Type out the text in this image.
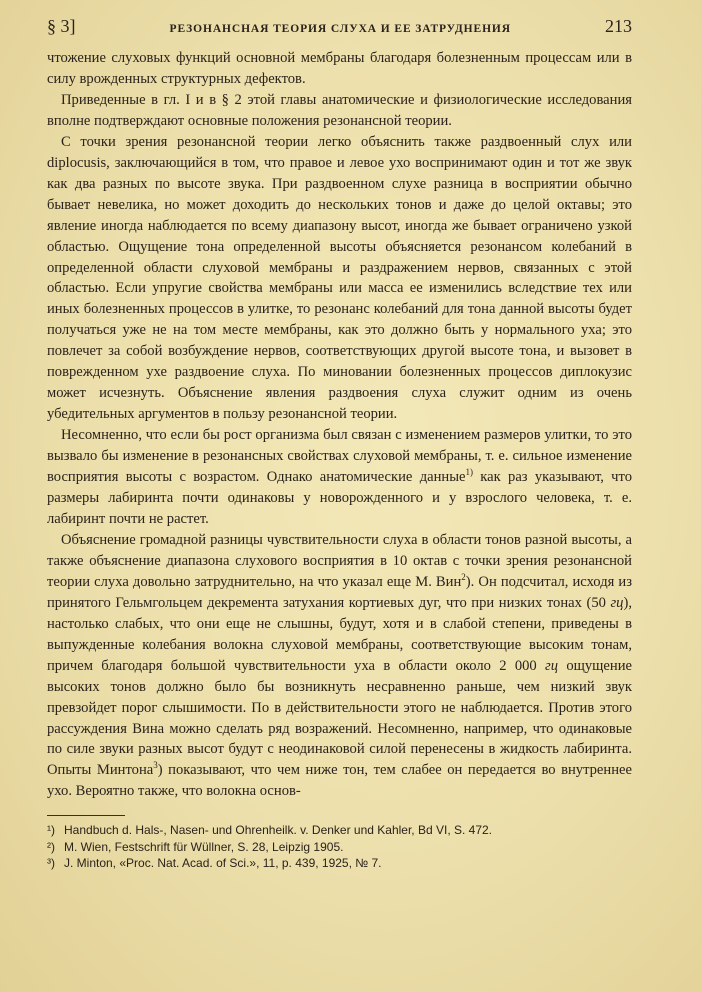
§ 3]	РЕЗОНАНСНАЯ ТЕОРИЯ СЛУХА И ЕЕ ЗАТРУДНЕНИЯ	213

чтожение слуховых функций основной мембраны благодаря болезненным процессам или в силу врожденных структурных дефектов.

Приведенные в гл. I и в § 2 этой главы анатомические и физиологические исследования вполне подтверждают основные положения резонансной теории.

С точки зрения резонансной теории легко объяснить также раздвоенный слух или diplocusis, заключающийся в том, что правое и левое ухо воспринимают один и тот же звук как два разных по высоте звука. При раздвоенном слухе разница в восприятии обычно бывает невелика, но может доходить до нескольких тонов и даже до целой октавы; это явление иногда наблюдается по всему диапазону высот, иногда же бывает ограничено узкой областью. Ощущение тона определенной высоты объясняется резонансом колебаний в определенной области слуховой мембраны и раздражением нервов, связанных с этой областью. Если упругие свойства мембраны или масса ее изменились вследствие тех или иных болезненных процессов в улитке, то резонанс колебаний для тона данной высоты будет получаться уже не на том месте мембраны, как это должно быть у нормального уха; это повлечет за собой возбуждение нервов, соответствующих другой высоте тона, и вызовет в поврежденном ухе раздвоение слуха. По миновании болезненных процессов диплокузис может исчезнуть. Объяснение явления раздвоения слуха служит одним из очень убедительных аргументов в пользу резонансной теории.

Несомненно, что если бы рост организма был связан с изменением размеров улитки, то это вызвало бы изменение в резонансных свойствах слуховой мембраны, т. е. сильное изменение восприятия высоты с возрастом. Однако анатомические данные$^{1)}$ как раз указывают, что размеры лабиринта почти одинаковы у новорожденного и у взрослого человека, т. е. лабиринт почти не растет.

Объяснение громадной разницы чувствительности слуха в области тонов разной высоты, а также объяснение диапазона слухового восприятия в 10 октав с точки зрения резонансной теории слуха довольно затруднительно, на что указал еще М. Вин$^2$). Он подсчитал, исходя из принятого Гельмгольцем декремента затухания кортиевых дуг, что при низких тонах (50 гц), настолько слабых, что они еще не слышны, будут, хотя и в слабой степени, приведены в выпужденные колебания волокна слуховой мембраны, соответствующие высоким тонам, причем благодаря большой чувствительности уха в области около 2 000 гц ощущение высоких тонов должно было бы возникнуть несравненно раньше, чем низкий звук превзойдет порог слышимости. По в действительности этого не наблюдается. Против этого рассуждения Вина можно сделать ряд возражений. Несомненно, например, что одинаковые по силе звуки разных высот будут с неодинаковой силой перенесены в жидкость лабиринта. Опыты Минтона$^3$) показывают, что чем ниже тон, тем слабее он передается во внутреннее ухо. Вероятно также, что волокна основ-

¹) Handbuch d. Hals-, Nasen- und Ohrenheilk. v. Denker und Kahler, Bd VI, S. 472.
²) M. Wien, Festschrift für Wüllner, S. 28, Leipzig 1905.
³) J. Minton, «Proc. Nat. Acad. of Sci.», 11, p. 439, 1925, № 7.
